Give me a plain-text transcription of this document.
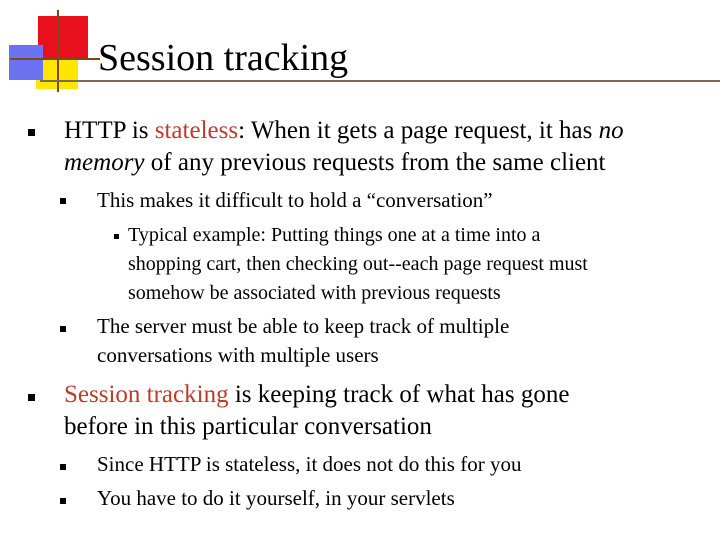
Session tracking
HTTP is stateless: When it gets a page request, it has no
memory of any previous requests from the same client
This makes it difficult to hold a “conversation”
Typical example: Putting things one at a time into a
shopping cart, then checking out--each page request must
somehow be associated with previous requests
The server must be able to keep track of multiple
conversations with multiple users
Session tracking is keeping track of what has gone
before in this particular conversation
Since HTTP is stateless, it does not do this for you
You have to do it yourself, in your servlets
